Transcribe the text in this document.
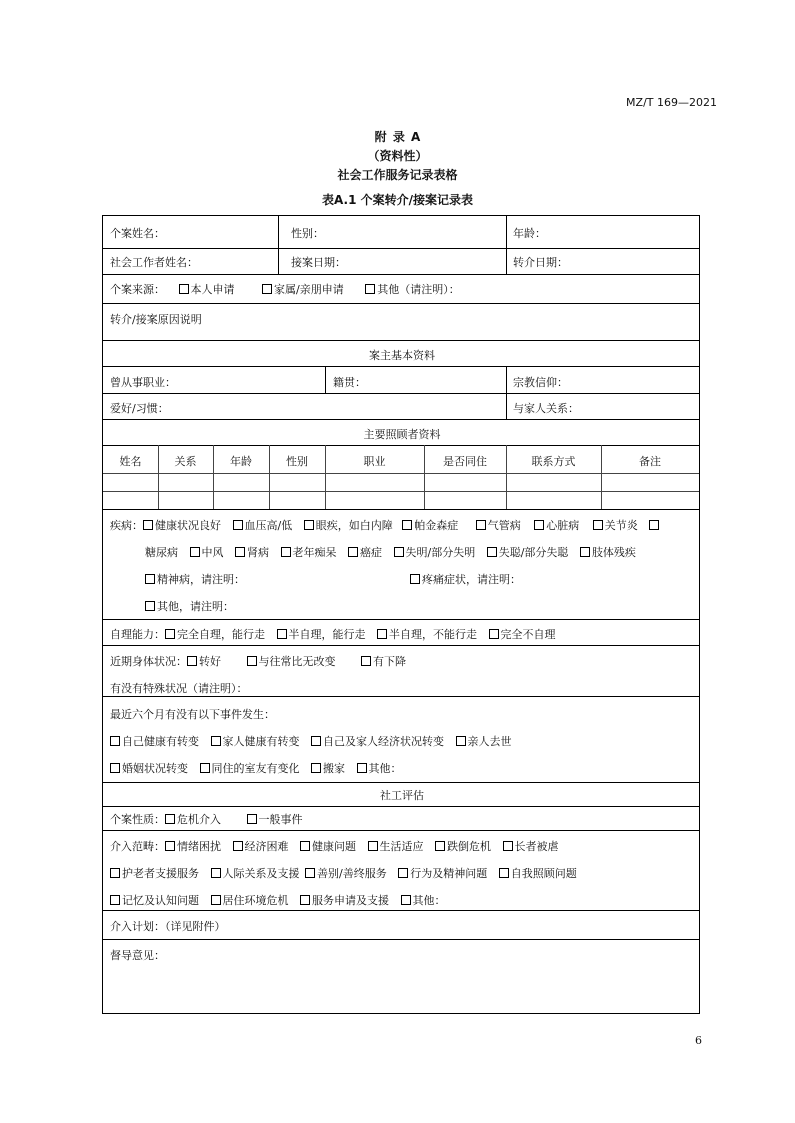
MZ/T 169—2021
附 录 A
（资料性）
社会工作服务记录表格
表A.1 个案转介/接案记录表
个案姓名：	性别：	年龄：
社会工作者姓名：	接案日期：	转介日期：
个案来源： 本人申请	家属/亲朋申请	其他（请注明）：
转介/接案原因说明
案主基本资料
曾从事职业：	籍贯：	宗教信仰：
爱好/习惯：	与家人关系：
主要照顾者资料
姓名	关系	年龄	性别	职业	是否同住	联系方式	备注
疾病： 健康状况良好 血压高/低 眼疾，如白内障 帕金森症	气管病 心脏病 关节炎
糖尿病 中风 肾病 老年痴呆 癌症 失明/部分失明 失聪/部分失聪 肢体残疾
精神病，请注明：	疼痛症状，请注明：
其他，请注明：
自理能力： 完全自理，能行走 半自理，能行走 半自理，不能行走 完全不自理
近期身体状况： 转好	与往常比无改变	有下降
有没有特殊状况（请注明）：
最近六个月有没有以下事件发生：
自己健康有转变 家人健康有转变 自己及家人经济状况转变 亲人去世
婚姻状况转变 同住的室友有变化 搬家 其他：
社工评估
个案性质： 危机介入	一般事件
介入范畴： 情绪困扰 经济困难 健康问题 生活适应 跌倒危机 长者被虐
护老者支援服务 人际关系及支援 善别/善终服务 行为及精神问题 自我照顾问题
记忆及认知问题 居住环境危机 服务申请及支援 其他：
介入计划：（详见附件）
督导意见：
6
